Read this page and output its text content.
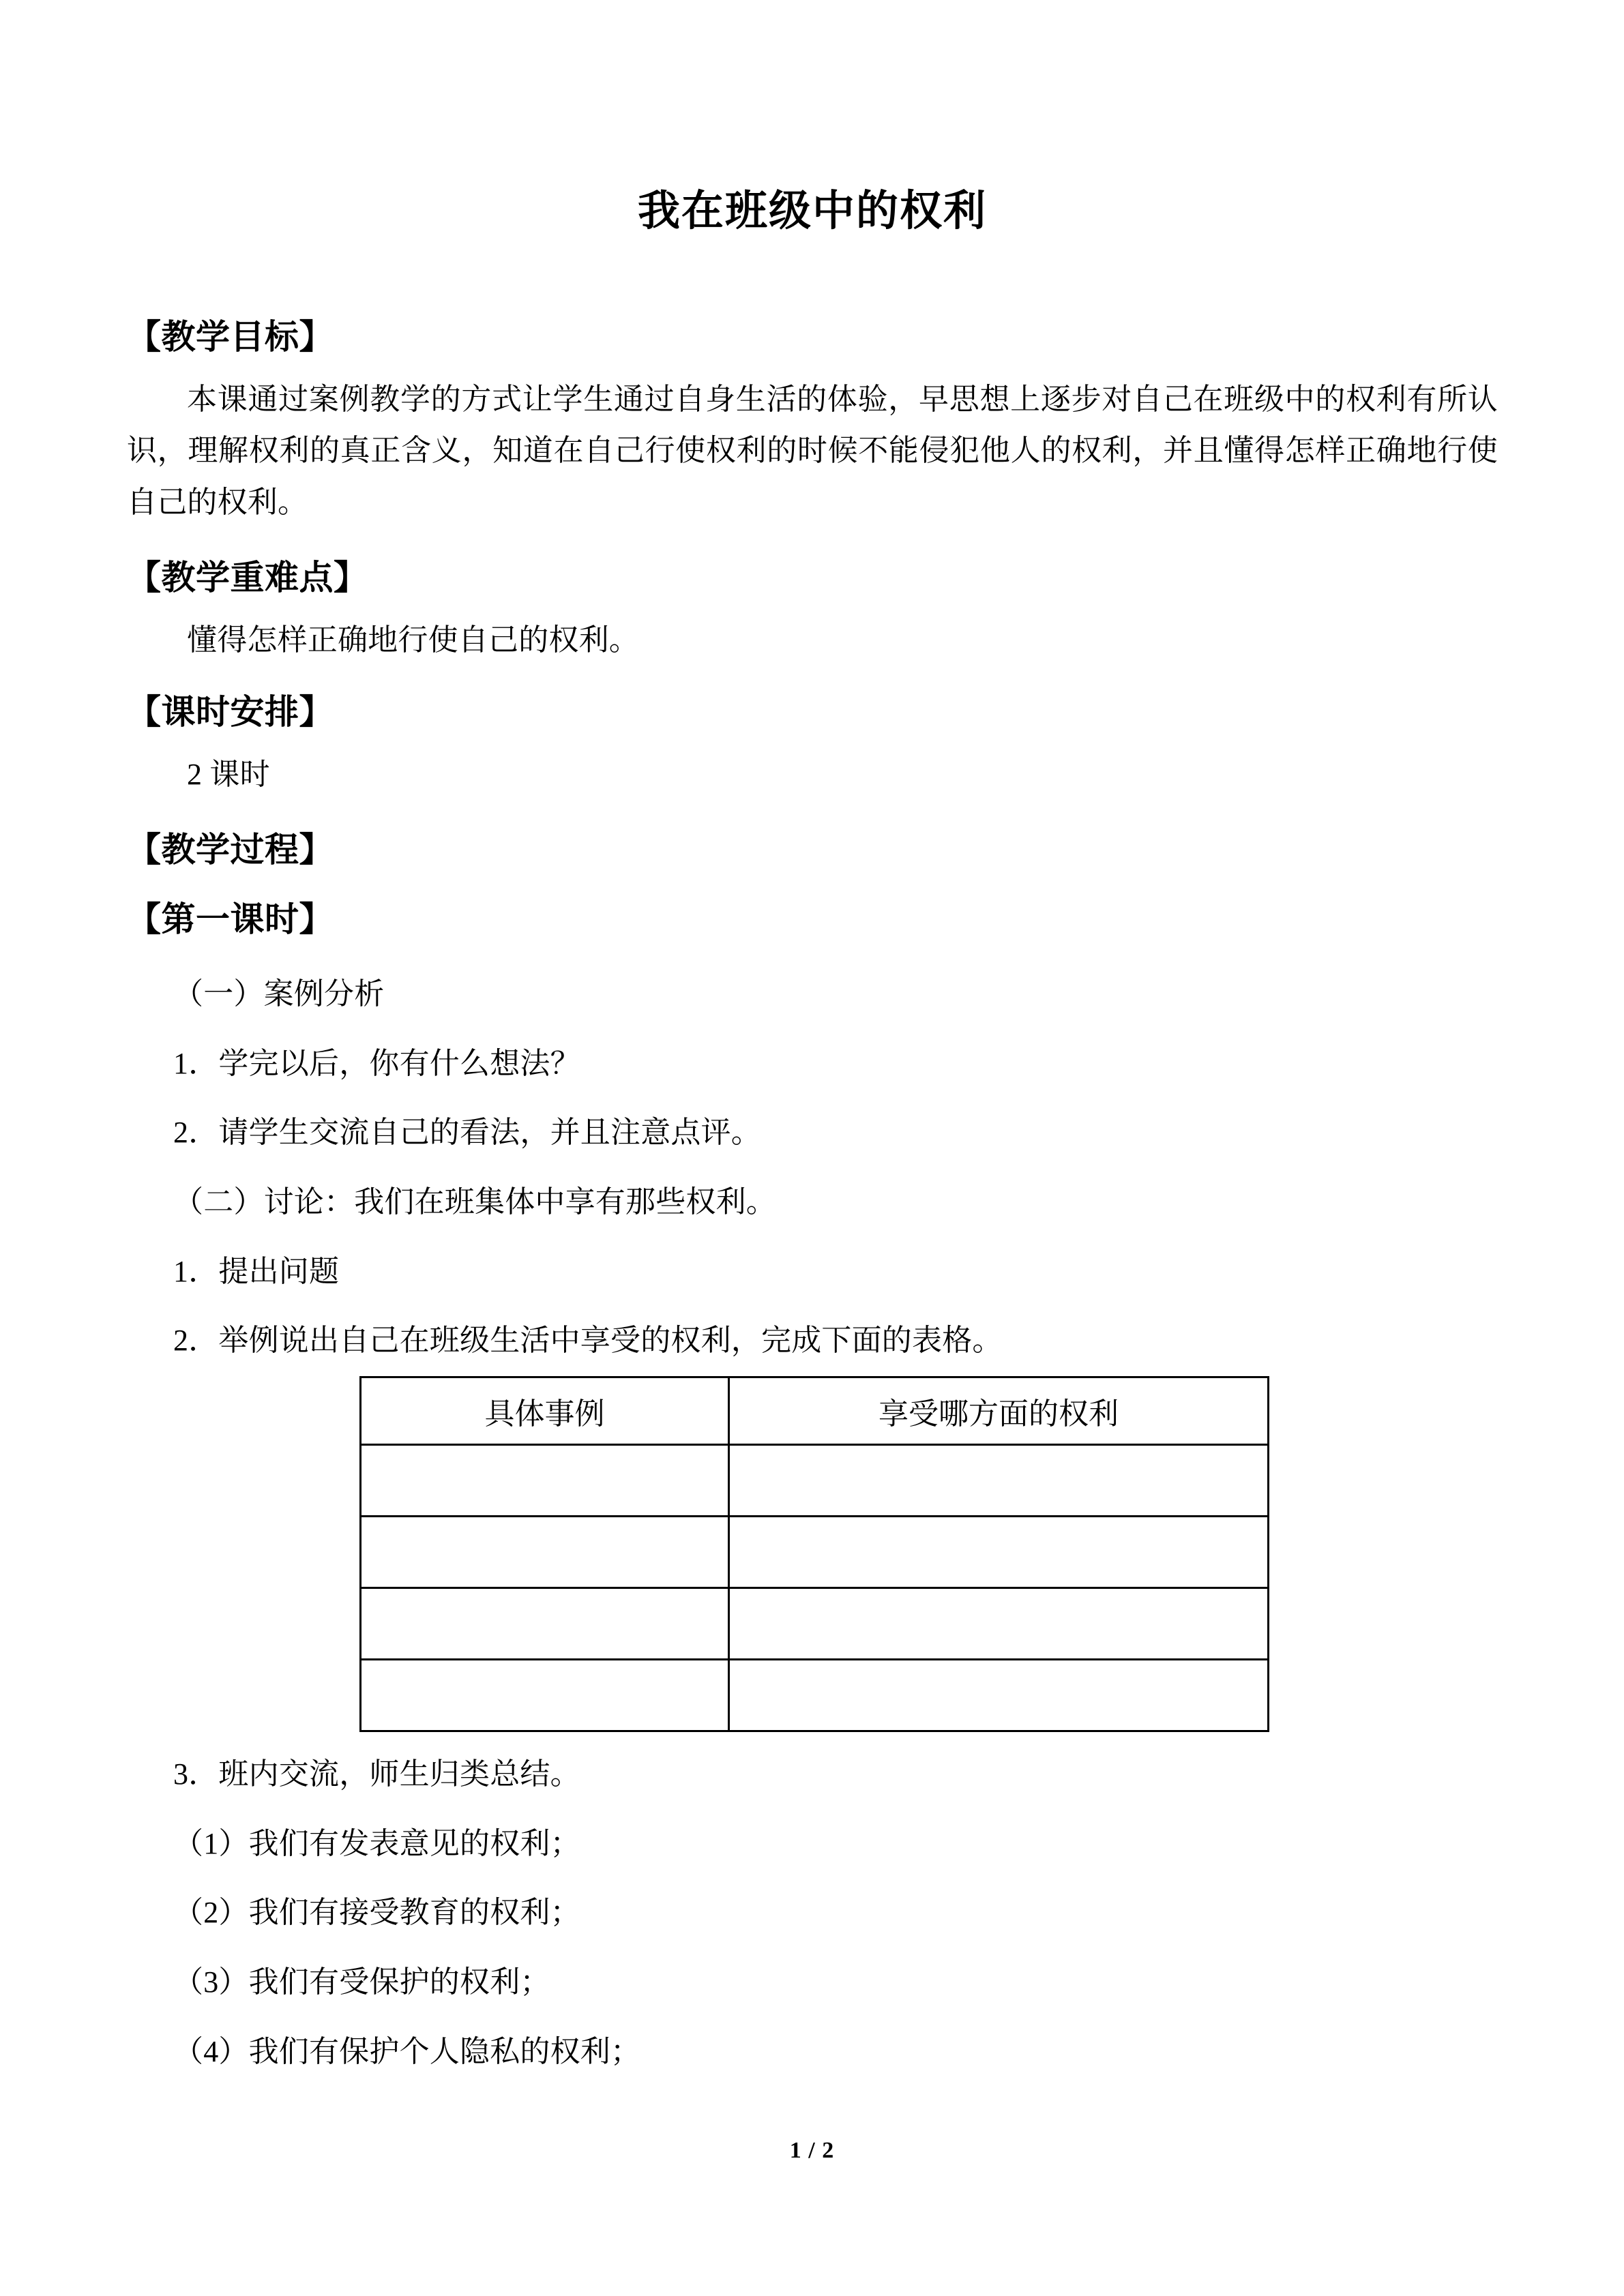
我在班级中的权利
【教学目标】

本课通过案例教学的方式让学生通过自身生活的体验，早思想上逐步对自己在班级中的权利有所认识，理解权利的真正含义，知道在自己行使权利的时候不能侵犯他人的权利，并且懂得怎样正确地行使自己的权利。

【教学重难点】

懂得怎样正确地行使自己的权利。

【课时安排】

2 课时

【教学过程】
【第一课时】

（一）案例分析

1．学完以后，你有什么想法？

2．请学生交流自己的看法，并且注意点评。

（二）讨论：我们在班集体中享有那些权利。

1．提出问题

2．举例说出自己在班级生活中享受的权利，完成下面的表格。

具体事例	享受哪方面的权利

3．班内交流，师生归类总结。

（1）我们有发表意见的权利；

（2）我们有接受教育的权利；

（3）我们有受保护的权利；

（4）我们有保护个人隐私的权利；

1 / 2
